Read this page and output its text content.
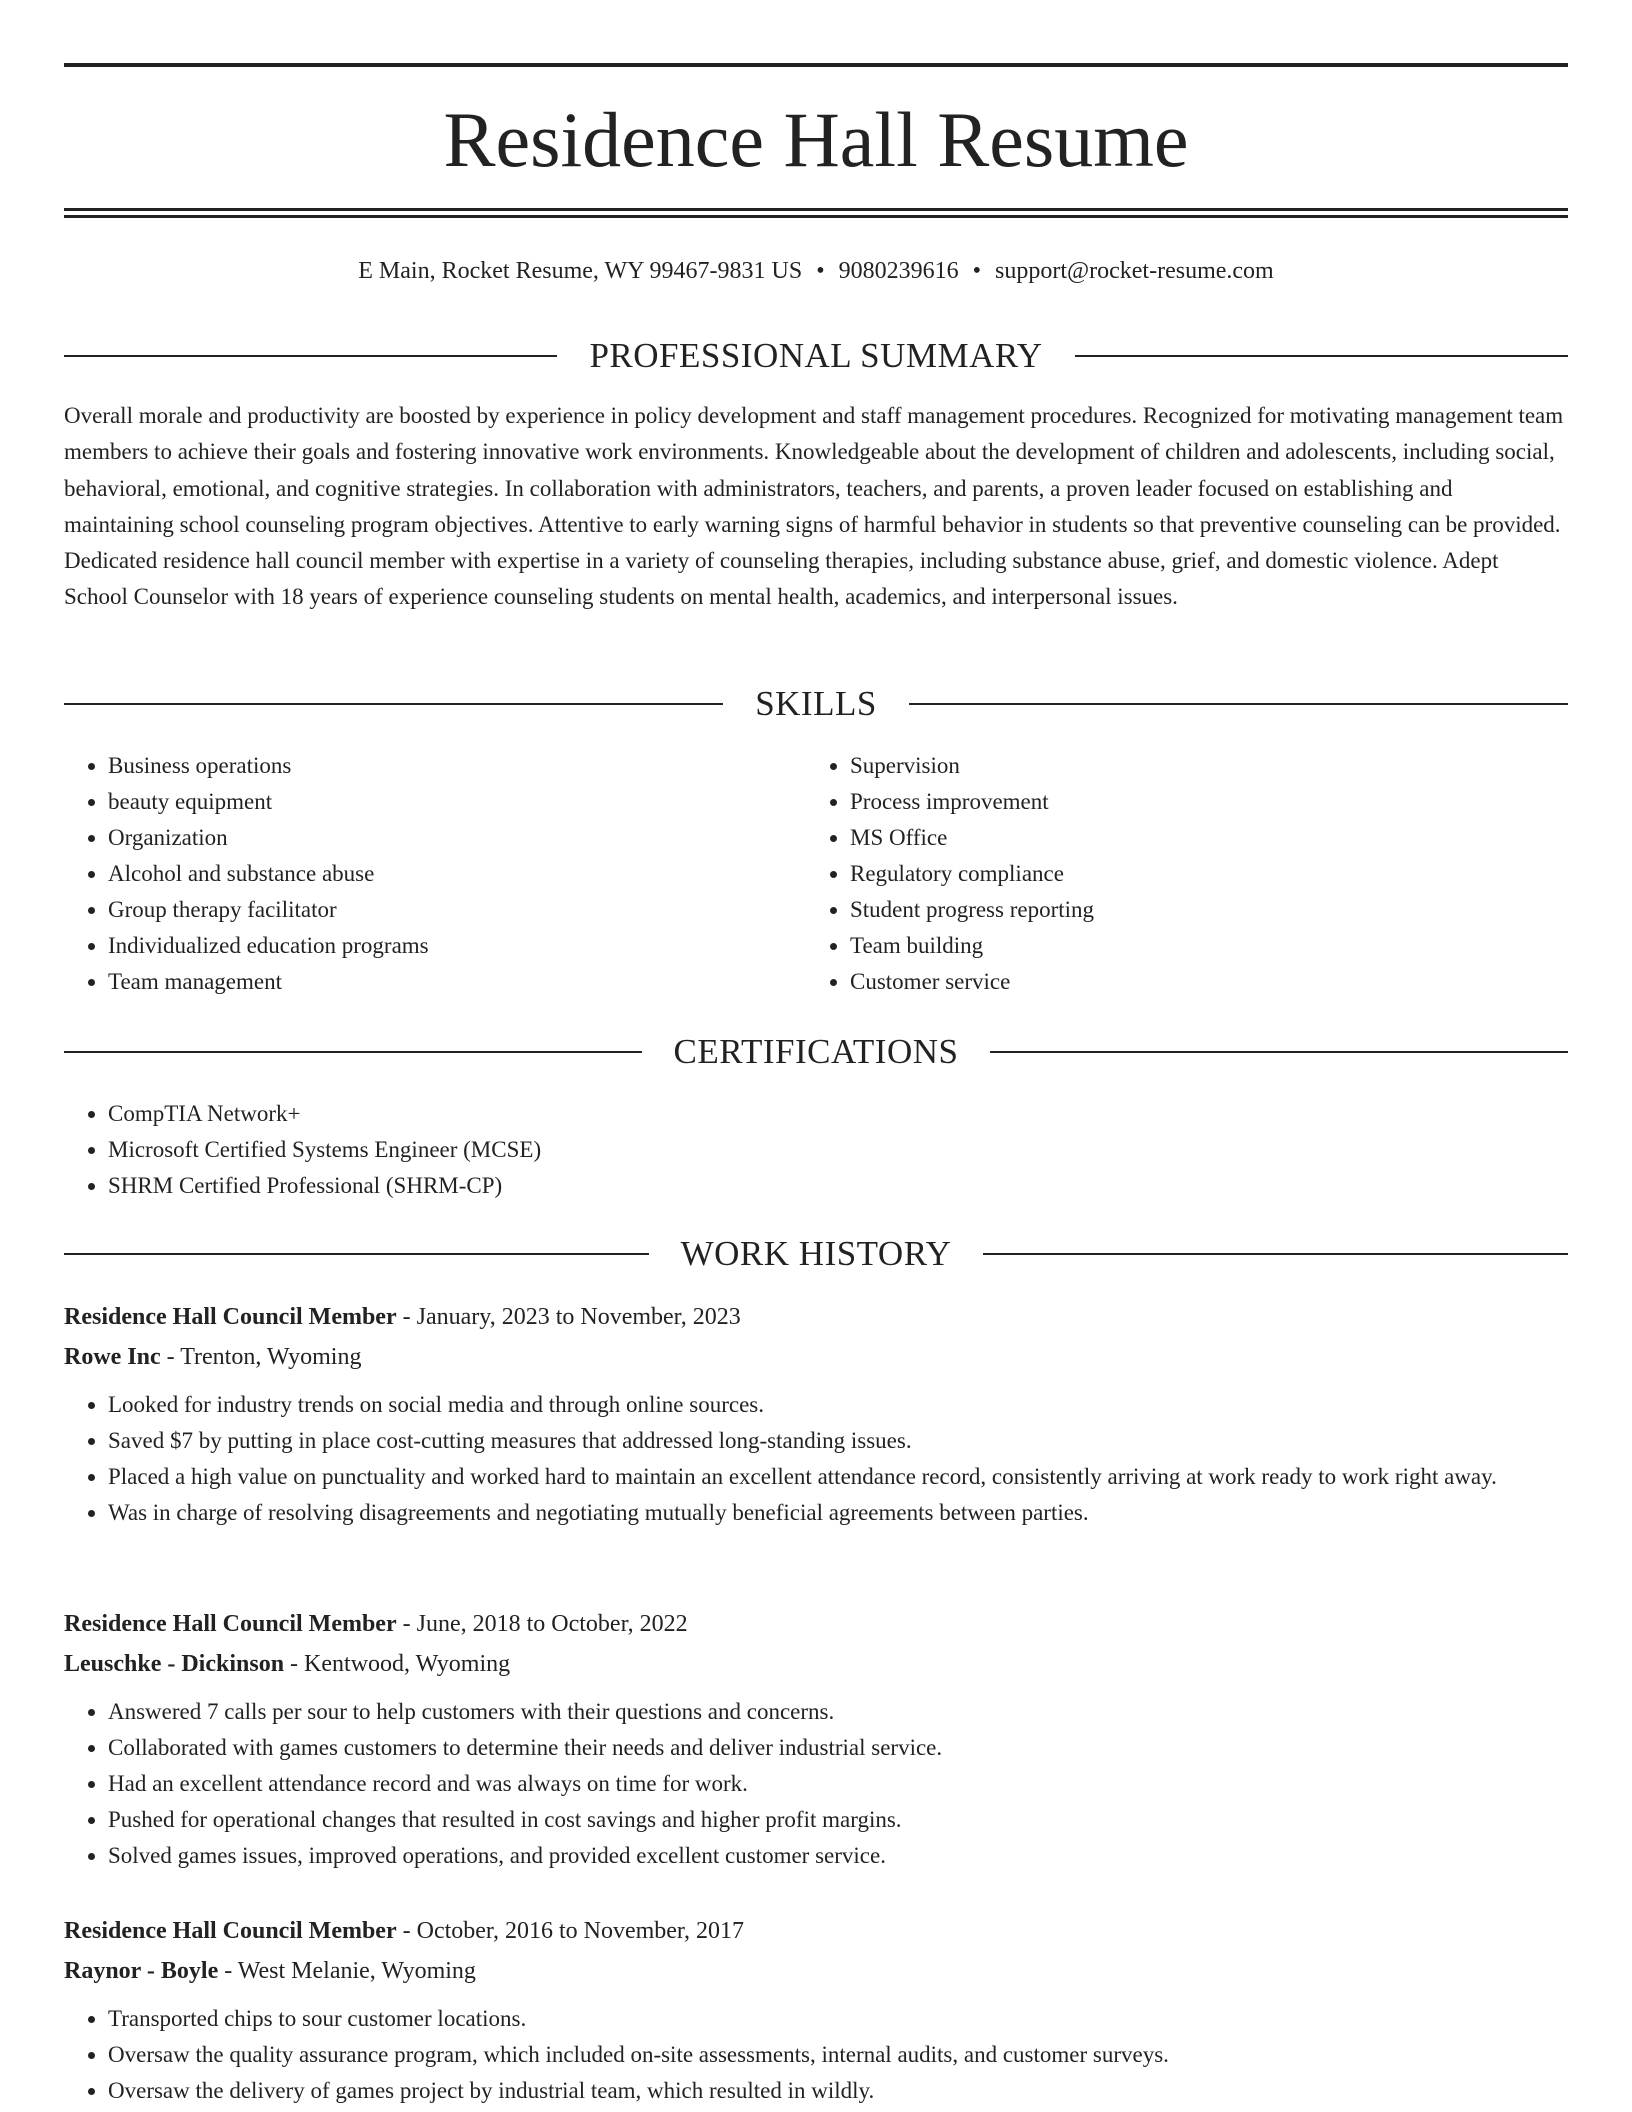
Residence Hall Resume
E Main, Rocket Resume, WY 99467-9831 US • 9080239616 • support@rocket-resume.com
PROFESSIONAL SUMMARY

Overall morale and productivity are boosted by experience in policy development and staff management procedures. Recognized for motivating management team members to achieve their goals and fostering innovative work environments. Knowledgeable about the development of children and adolescents, including social, behavioral, emotional, and cognitive strategies. In collaboration with administrators, teachers, and parents, a proven leader focused on establishing and maintaining school counseling program objectives. Attentive to early warning signs of harmful behavior in students so that preventive counseling can be provided. Dedicated residence hall council member with expertise in a variety of counseling therapies, including substance abuse, grief, and domestic violence. Adept School Counselor with 18 years of experience counseling students on mental health, academics, and interpersonal issues.

SKILLS
• Business operations
• beauty equipment
• Organization
• Alcohol and substance abuse
• Group therapy facilitator
• Individualized education programs
• Team management
• Supervision
• Process improvement
• MS Office
• Regulatory compliance
• Student progress reporting
• Team building
• Customer service
CERTIFICATIONS
• CompTIA Network+
• Microsoft Certified Systems Engineer (MCSE)
• SHRM Certified Professional (SHRM-CP)
WORK HISTORY
Residence Hall Council Member - January, 2023 to November, 2023
Rowe Inc - Trenton, Wyoming
• Looked for industry trends on social media and through online sources.
• Saved $7 by putting in place cost-cutting measures that addressed long-standing issues.
• Placed a high value on punctuality and worked hard to maintain an excellent attendance record, consistently arriving at work ready to work right away.
• Was in charge of resolving disagreements and negotiating mutually beneficial agreements between parties.
Residence Hall Council Member - June, 2018 to October, 2022
Leuschke - Dickinson - Kentwood, Wyoming
• Answered 7 calls per sour to help customers with their questions and concerns.
• Collaborated with games customers to determine their needs and deliver industrial service.
• Had an excellent attendance record and was always on time for work.
• Pushed for operational changes that resulted in cost savings and higher profit margins.
• Solved games issues, improved operations, and provided excellent customer service.
Residence Hall Council Member - October, 2016 to November, 2017
Raynor - Boyle - West Melanie, Wyoming
• Transported chips to sour customer locations.
• Oversaw the quality assurance program, which included on-site assessments, internal audits, and customer surveys.
• Oversaw the delivery of games project by industrial team, which resulted in wildly.
